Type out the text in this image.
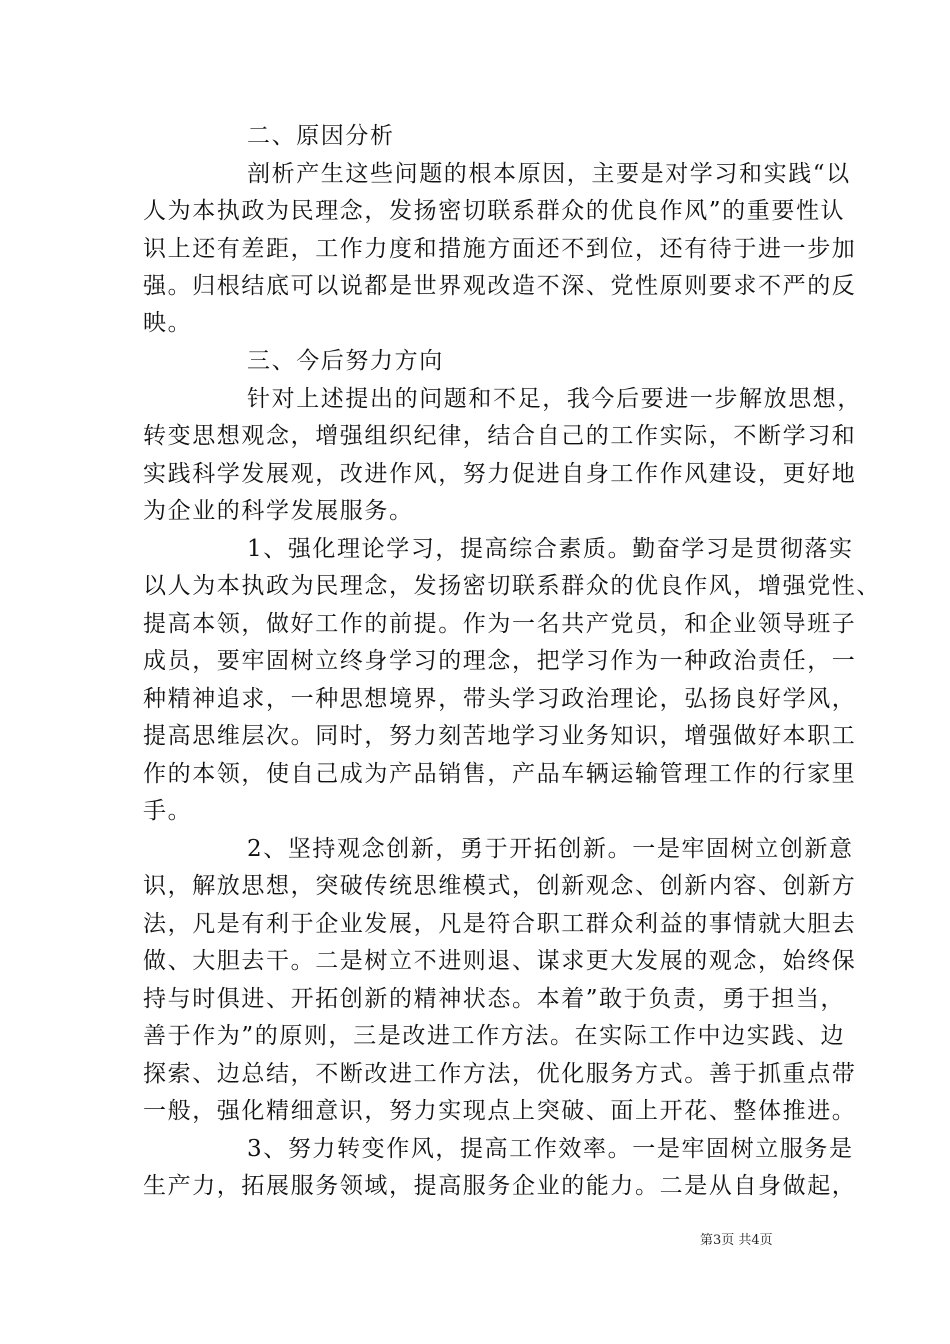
二、原因分析
剖析产生这些问题的根本原因，主要是对学习和实践“以
人为本执政为民理念，发扬密切联系群众的优良作风”的重要性认
识上还有差距，工作力度和措施方面还不到位，还有待于进一步加
强。归根结底可以说都是世界观改造不深、党性原则要求不严的反
映。
三、今后努力方向
针对上述提出的问题和不足，我今后要进一步解放思想，
转变思想观念，增强组织纪律，结合自己的工作实际，不断学习和
实践科学发展观，改进作风，努力促进自身工作作风建设，更好地
为企业的科学发展服务。
1、强化理论学习，提高综合素质。勤奋学习是贯彻落实
以人为本执政为民理念，发扬密切联系群众的优良作风，增强党性、
提高本领，做好工作的前提。作为一名共产党员，和企业领导班子
成员，要牢固树立终身学习的理念，把学习作为一种政治责任，一
种精神追求，一种思想境界，带头学习政治理论，弘扬良好学风，
提高思维层次。同时，努力刻苦地学习业务知识，增强做好本职工
作的本领，使自己成为产品销售，产品车辆运输管理工作的行家里
手。
2、坚持观念创新，勇于开拓创新。一是牢固树立创新意
识，解放思想，突破传统思维模式，创新观念、创新内容、创新方
法，凡是有利于企业发展，凡是符合职工群众利益的事情就大胆去
做、大胆去干。二是树立不进则退、谋求更大发展的观念，始终保
持与时俱进、开拓创新的精神状态。本着”敢于负责，勇于担当，
善于作为”的原则，三是改进工作方法。在实际工作中边实践、边
探索、边总结，不断改进工作方法，优化服务方式。善于抓重点带
一般，强化精细意识，努力实现点上突破、面上开花、整体推进。
3、努力转变作风，提高工作效率。一是牢固树立服务是
生产力，拓展服务领域，提高服务企业的能力。二是从自身做起，
第3页 共4页
